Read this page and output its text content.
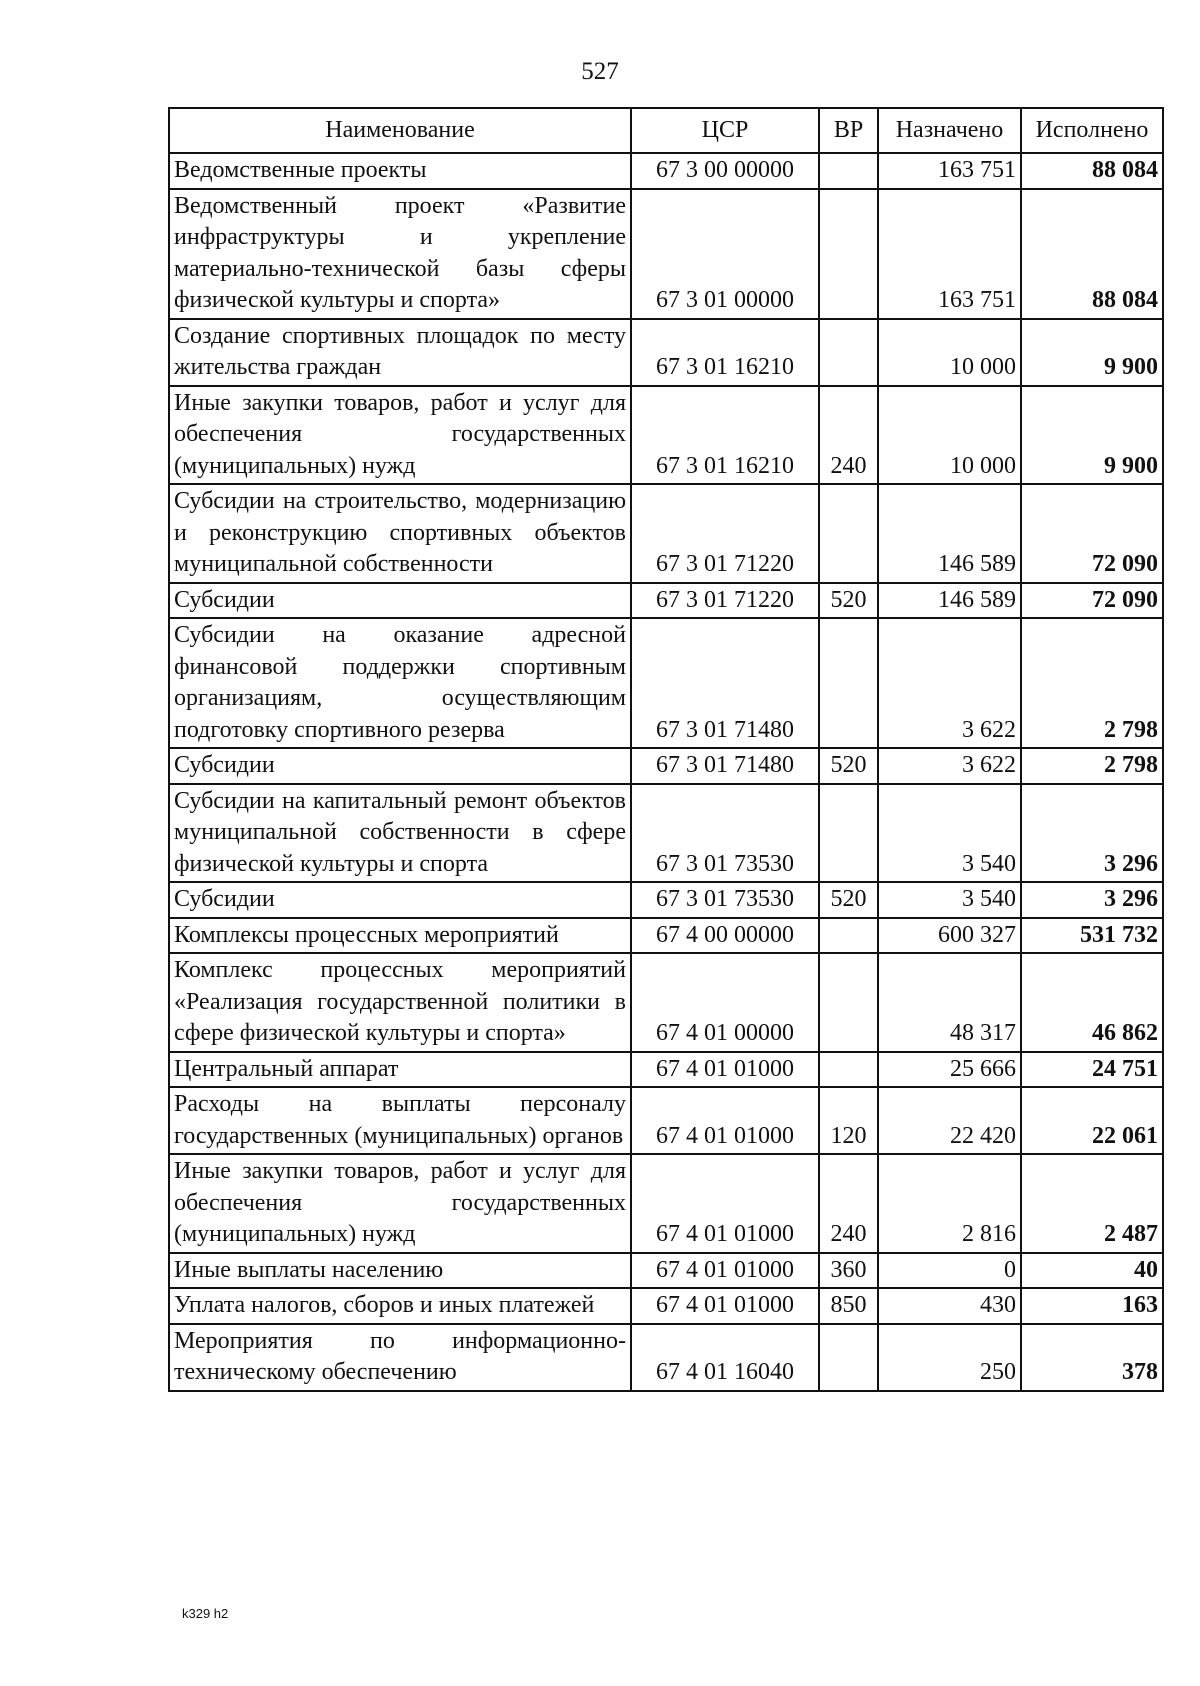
527
Наименование	ЦСР	ВР	Назначено	Исполнено
Ведомственные проекты	67 3 00 00000		163 751	88 084
Ведомственный проект «Развитие инфраструктуры и укрепление материально-технической базы сферы физической культуры и спорта»	67 3 01 00000		163 751	88 084
Создание спортивных площадок по месту жительства граждан	67 3 01 16210		10 000	9 900
Иные закупки товаров, работ и услуг для обеспечения государственных (муниципальных) нужд	67 3 01 16210	240	10 000	9 900
Субсидии на строительство, модернизацию и реконструкцию спортивных объектов муниципальной собственности	67 3 01 71220		146 589	72 090
Субсидии	67 3 01 71220	520	146 589	72 090
Субсидии на оказание адресной финансовой поддержки спортивным организациям, осуществляющим подготовку спортивного резерва	67 3 01 71480		3 622	2 798
Субсидии	67 3 01 71480	520	3 622	2 798
Субсидии на капитальный ремонт объектов муниципальной собственности в сфере физической культуры и спорта	67 3 01 73530		3 540	3 296
Субсидии	67 3 01 73530	520	3 540	3 296
Комплексы процессных мероприятий	67 4 00 00000		600 327	531 732
Комплекс процессных мероприятий «Реализация государственной политики в сфере физической культуры и спорта»	67 4 01 00000		48 317	46 862
Центральный аппарат	67 4 01 01000		25 666	24 751
Расходы на выплаты персоналу государственных (муниципальных) органов	67 4 01 01000	120	22 420	22 061
Иные закупки товаров, работ и услуг для обеспечения государственных (муниципальных) нужд	67 4 01 01000	240	2 816	2 487
Иные выплаты населению	67 4 01 01000	360	0	40
Уплата налогов, сборов и иных платежей	67 4 01 01000	850	430	163
Мероприятия по информационно-техническому обеспечению	67 4 01 16040		250	378
k329 h2
